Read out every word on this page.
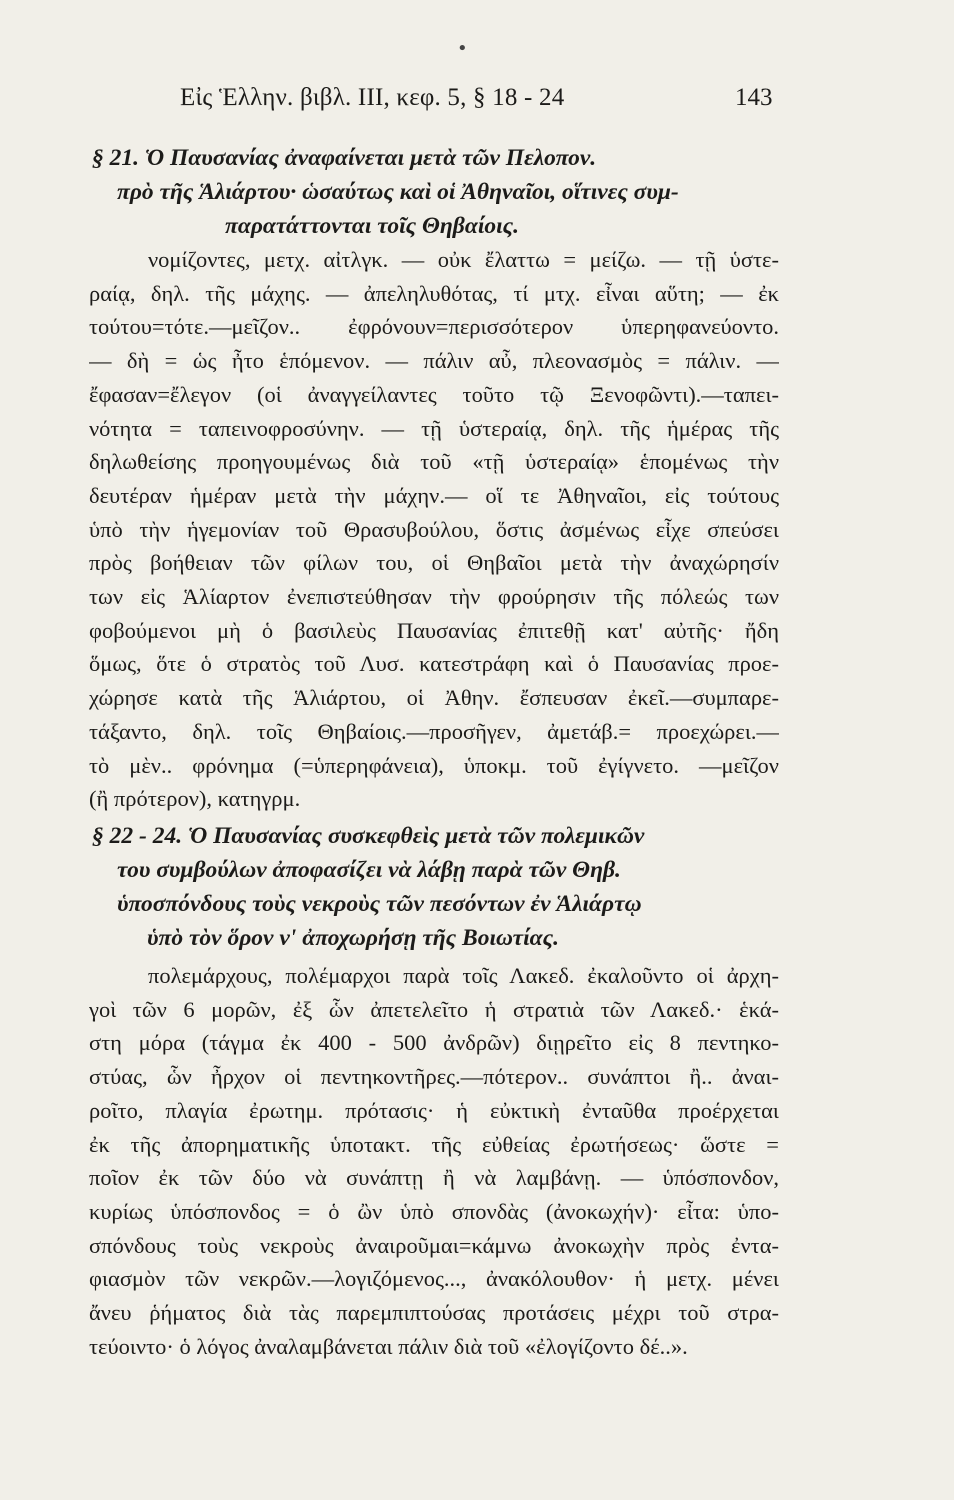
•
Εἰς Ἑλλην. βιβλ. III, κεφ. 5, § 18 - 24	143
§ 21. Ὁ Παυσανίας ἀναφαίνεται μετὰ τῶν Πελοπον.
πρὸ τῆς Ἁλιάρτου· ὡσαύτως καὶ οἱ Ἀθηναῖοι, οἵτινες συμ-
παρατάττονται τοῖς Θηβαίοις.
νομίζοντες, μετχ. αἰτλγκ. — οὐκ ἔλαττω = μείζω. — τῇ ὑστε-
ραίᾳ, δηλ. τῆς μάχης. — ἀπεληλυθότας, τί μτχ. εἶναι αὕτη; — ἐκ
τούτου=τότε.—μεῖζον.. ἐφρόνουν=περισσότερον ὑπερηφανεύοντο.
— δὴ = ὡς ἦτο ἑπόμενον. — πάλιν αὖ, πλεονασμὸς = πάλιν. —
ἔφασαν=ἔλεγον (οἱ ἀναγγείλαντες τοῦτο τῷ Ξενοφῶντι).—ταπει-
νότητα = ταπεινοφροσύνην. — τῇ ὑστεραίᾳ, δηλ. τῆς ἡμέρας τῆς
δηλωθείσης προηγουμένως διὰ τοῦ «τῇ ὑστεραίᾳ» ἑπομένως τὴν
δευτέραν ἡμέραν μετὰ τὴν μάχην.— οἵ τε Ἀθηναῖοι, εἰς τούτους
ὑπὸ τὴν ἡγεμονίαν τοῦ Θρασυβούλου, ὅστις ἀσμένως εἶχε σπεύσει
πρὸς βοήθειαν τῶν φίλων του, οἱ Θηβαῖοι μετὰ τὴν ἀναχώρησίν
των εἰς Ἁλίαρτον ἐνεπιστεύθησαν τὴν φρούρησιν τῆς πόλεώς των
φοβούμενοι μὴ ὁ βασιλεὺς Παυσανίας ἐπιτεθῇ κατ' αὐτῆς· ἤδη
ὅμως, ὅτε ὁ στρατὸς τοῦ Λυσ. κατεστράφη καὶ ὁ Παυσανίας προε-
χώρησε κατὰ τῆς Ἁλιάρτου, οἱ Ἀθην. ἔσπευσαν ἐκεῖ.—συμπαρε-
τάξαντο, δηλ. τοῖς Θηβαίοις.—προσῆγεν, ἀμετάβ.= προεχώρει.—
τὸ μὲν.. φρόνημα (=ὑπερηφάνεια), ὑποκμ. τοῦ ἐγίγνετο. —μεῖζον
(ἢ πρότερον), κατηγρμ.
§ 22 - 24. Ὁ Παυσανίας συσκεφθεὶς μετὰ τῶν πολεμικῶν
του συμβούλων ἀποφασίζει νὰ λάβῃ παρὰ τῶν Θηβ.
ὑποσπόνδους τοὺς νεκροὺς τῶν πεσόντων ἐν Ἁλιάρτῳ
ὑπὸ τὸν ὅρον ν' ἀποχωρήσῃ τῆς Βοιωτίας.
πολεμάρχους, πολέμαρχοι παρὰ τοῖς Λακεδ. ἐκαλοῦντο οἱ ἀρχη-
γοὶ τῶν 6 μορῶν, ἐξ ὧν ἀπετελεῖτο ἡ στρατιὰ τῶν Λακεδ.· ἑκά-
στη μόρα (τάγμα ἐκ 400 - 500 ἀνδρῶν) διῃρεῖτο εἰς 8 πεντηκο-
στύας, ὧν ἦρχον οἱ πεντηκοντῆρες.—πότερον.. συνάπτοι ἢ.. ἀναι-
ροῖτο, πλαγία ἐρωτημ. πρότασις· ἡ εὐκτικὴ ἐνταῦθα προέρχεται
ἐκ τῆς ἀπορηματικῆς ὑποτακτ. τῆς εὐθείας ἐρωτήσεως· ὥστε =
ποῖον ἐκ τῶν δύο νὰ συνάπτῃ ἢ νὰ λαμβάνῃ. — ὑπόσπονδον,
κυρίως ὑπόσπονδος = ὁ ὢν ὑπὸ σπονδὰς (ἀνοκωχήν)· εἶτα: ὑπο-
σπόνδους τοὺς νεκροὺς ἀναιροῦμαι=κάμνω ἀνοκωχὴν πρὸς ἐντα-
φιασμὸν τῶν νεκρῶν.—λογιζόμενος..., ἀνακόλουθον· ἡ μετχ. μένει
ἄνευ ῥήματος διὰ τὰς παρεμπιπτούσας προτάσεις μέχρι τοῦ στρα-
τεύοιντο· ὁ λόγος ἀναλαμβάνεται πάλιν διὰ τοῦ «ἐλογίζοντο δέ..».
